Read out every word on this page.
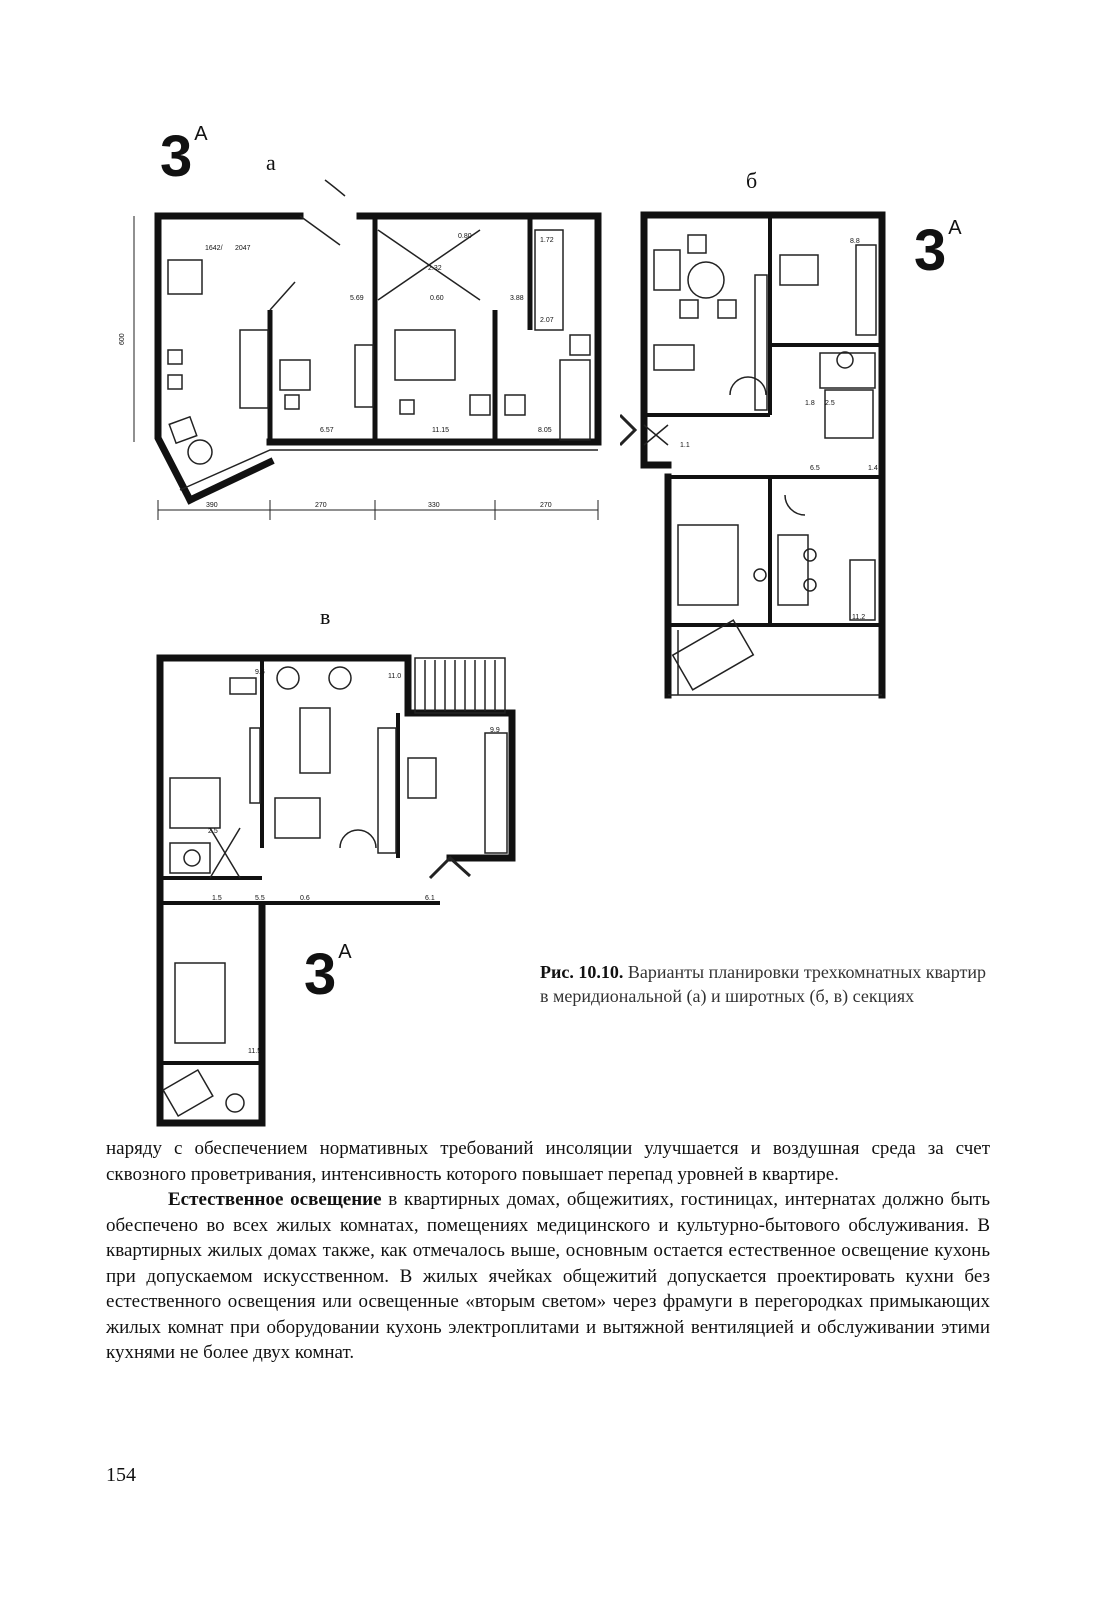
3 $^А$
3 $^А$
3 $^А$
а
б
в
1642/ 2047
0.80
1.72
2.32
5.69	0.60	3.88
2.07
6.57	11.15	8.05
600
390	270	330	270
8.8
1.1
1.8 2.5
6.5	1.4
11.2
9.5
11.0
9.9
2.5
1.5	5.5	0.6	6.1
11.5
Рис. 10.10. Варианты планировки трехкомнатных квартир в меридиональной (а) и широтных (б, в) секциях

наряду с обеспечением нормативных требований инсоляции улучшается и воздушная среда за счет сквозного проветривания, интенсивность которого повышает перепад уровней в квартире.

Естественное освещение в квартирных домах, общежитиях, гостиницах, интернатах должно быть обеспечено во всех жилых комнатах, помещениях медицинского и культурно-бытового обслуживания. В квартирных жилых домах также, как отмечалось выше, основным остается естественное освещение кухонь при допускаемом искусственном. В жилых ячейках общежитий допускается проектировать кухни без естественного освещения или освещенные «вторым светом» через фрамуги в перегородках примыкающих жилых комнат при оборудовании кухонь электроплитами и вытяжной вентиляцией и обслуживании этими кухнями не более двух комнат.

154
